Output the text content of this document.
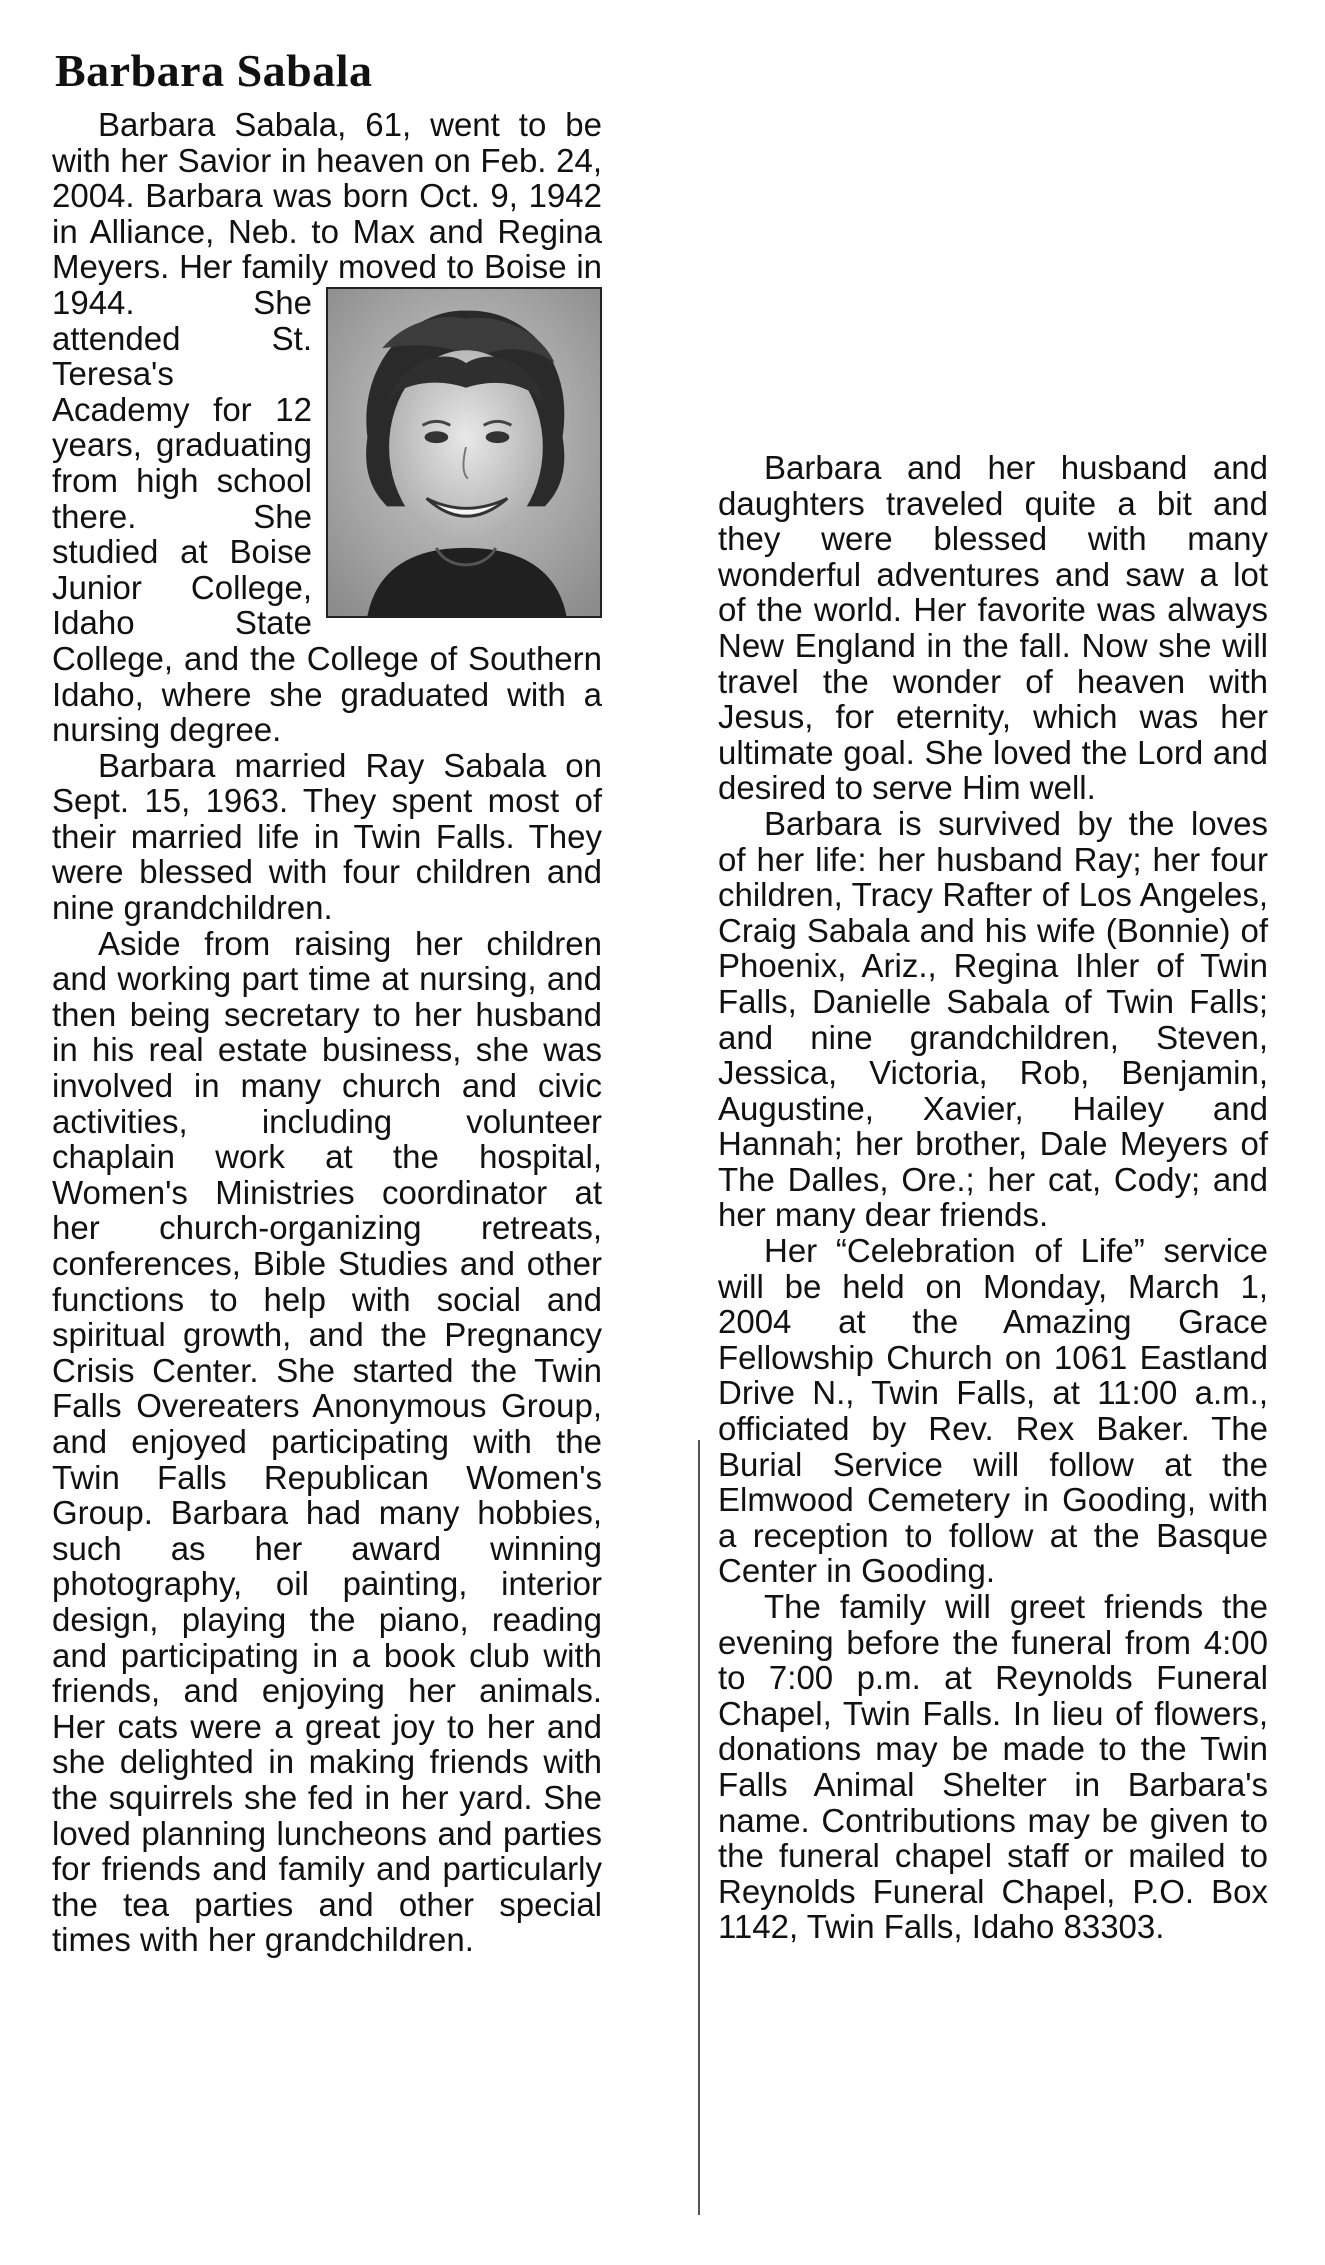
Barbara Sabala

Barbara Sabala, 61, went to be with her Savior in heaven on Feb. 24, 2004. Barbara was born Oct. 9, 1942 in Alliance, Neb. to Max and Regina Meyers. Her family moved to Boise in 1944. She attended St. Teresa's Academy for 12 years, graduating from high school there. She studied at Boise Junior College, Idaho State College, and the College of Southern Idaho, where she graduated with a nursing degree.

Barbara married Ray Sabala on Sept. 15, 1963. They spent most of their married life in Twin Falls. They were blessed with four children and nine grandchildren.

Aside from raising her children and working part time at nursing, and then being secretary to her husband in his real estate business, she was involved in many church and civic activities, including volunteer chaplain work at the hospital, Women's Ministries coordinator at her church-organizing retreats, conferences, Bible Studies and other functions to help with social and spiritual growth, and the Pregnancy Crisis Center. She started the Twin Falls Overeaters Anonymous Group, and enjoyed participating with the Twin Falls Republican Women's Group. Barbara had many hobbies, such as her award winning photography, oil painting, interior design, playing the piano, reading and participating in a book club with friends, and enjoying her animals. Her cats were a great joy to her and she delighted in making friends with the squirrels she fed in her yard. She loved planning luncheons and parties for friends and family and particularly the tea parties and other special times with her grandchildren.

Barbara and her husband and daughters traveled quite a bit and they were blessed with many wonderful adventures and saw a lot of the world. Her favorite was always New England in the fall. Now she will travel the wonder of heaven with Jesus, for eternity, which was her ultimate goal. She loved the Lord and desired to serve Him well.

Barbara is survived by the loves of her life: her husband Ray; her four children, Tracy Rafter of Los Angeles, Craig Sabala and his wife (Bonnie) of Phoenix, Ariz., Regina Ihler of Twin Falls, Danielle Sabala of Twin Falls; and nine grandchildren, Steven, Jessica, Victoria, Rob, Benjamin, Augustine, Xavier, Hailey and Hannah; her brother, Dale Meyers of The Dalles, Ore.; her cat, Cody; and her many dear friends.

Her “Celebration of Life” service will be held on Monday, March 1, 2004 at the Amazing Grace Fellowship Church on 1061 Eastland Drive N., Twin Falls, at 11:00 a.m., officiated by Rev. Rex Baker. The Burial Service will follow at the Elmwood Cemetery in Gooding, with a reception to follow at the Basque Center in Gooding.

The family will greet friends the evening before the funeral from 4:00 to 7:00 p.m. at Reynolds Funeral Chapel, Twin Falls. In lieu of flowers, donations may be made to the Twin Falls Animal Shelter in Barbara's name. Contributions may be given to the funeral chapel staff or mailed to Reynolds Funeral Chapel, P.O. Box 1142, Twin Falls, Idaho 83303.
